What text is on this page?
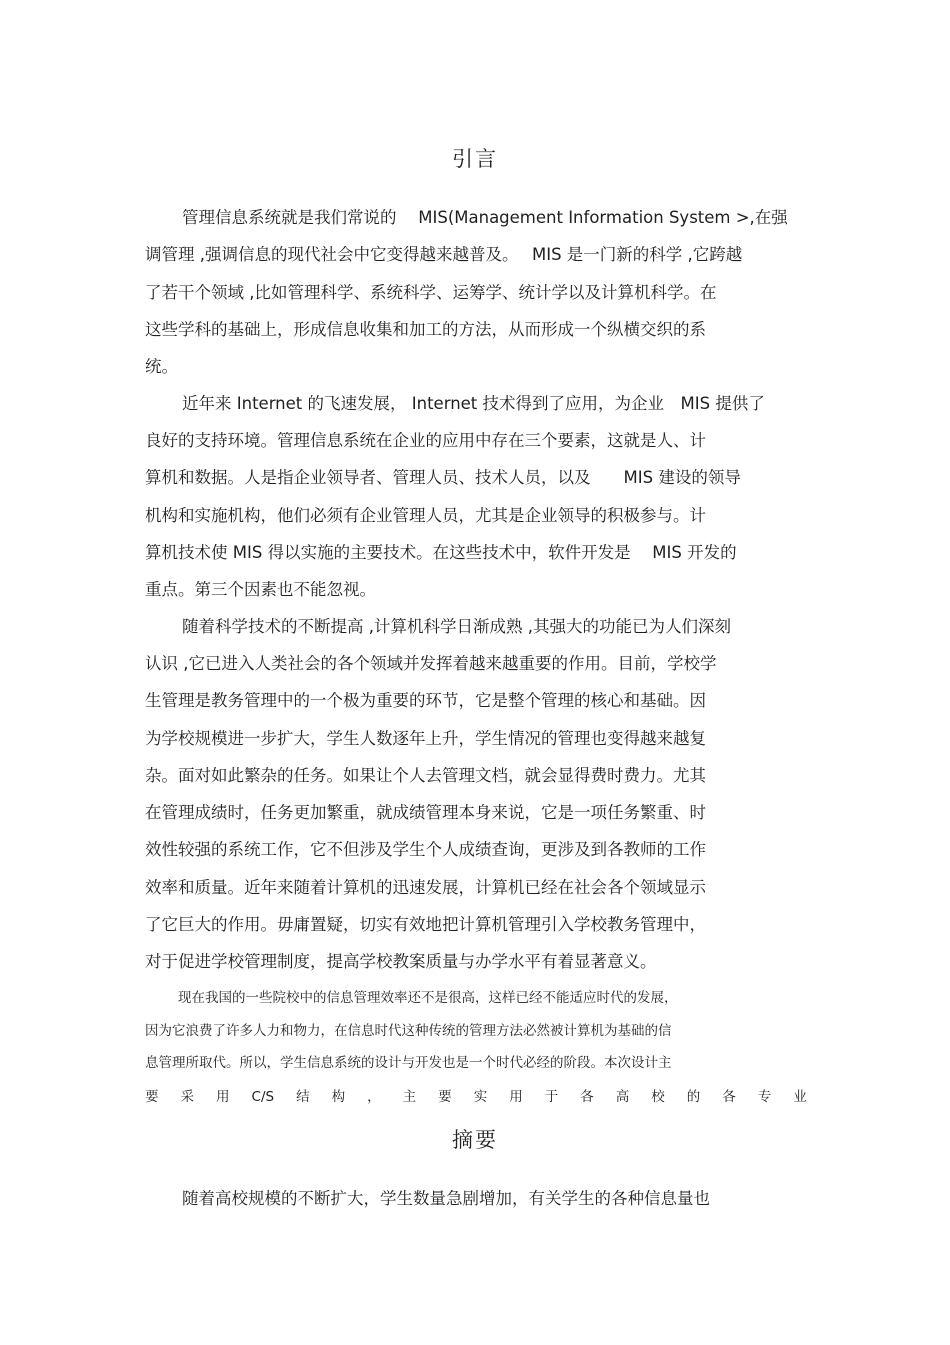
引言
管理信息系统就是我们常说的　 MIS(Management Information System >,在强
调管理 ,强调信息的现代社会中它变得越来越普及。　 MIS 是一门新的科学 ,它跨越
了若干个领域 ,比如管理科学、系统科学、运筹学、统计学以及计算机科学。在
这些学科的基础上，形成信息收集和加工的方法，从而形成一个纵横交织的系
统。
近年来 Internet 的飞速发展， Internet 技术得到了应用，为企业　MIS 提供了
良好的支持环境。管理信息系统在企业的应用中存在三个要素，这就是人、计
算机和数据。人是指企业领导者、管理人员、技术人员，以及　　MIS 建设的领导
机构和实施机构，他们必须有企业管理人员，尤其是企业领导的积极参与。计
算机技术使 MIS 得以实施的主要技术。在这些技术中，软件开发是　 MIS 开发的
重点。第三个因素也不能忽视。
随着科学技术的不断提高 ,计算机科学日渐成熟 ,其强大的功能已为人们深刻
认识 ,它已进入人类社会的各个领域并发挥着越来越重要的作用。目前，学校学
生管理是教务管理中的一个极为重要的环节，它是整个管理的核心和基础。因
为学校规模进一步扩大，学生人数逐年上升，学生情况的管理也变得越来越复
杂。面对如此繁杂的任务。如果让个人去管理文档，就会显得费时费力。尤其
在管理成绩时，任务更加繁重，就成绩管理本身来说，它是一项任务繁重、时
效性较强的系统工作，它不但涉及学生个人成绩查询，更涉及到各教师的工作
效率和质量。近年来随着计算机的迅速发展，计算机已经在社会各个领域显示
了它巨大的作用。毋庸置疑，切实有效地把计算机管理引入学校教务管理中，
对于促进学校管理制度，提高学校教案质量与办学水平有着显著意义。
现在我国的一些院校中的信息管理效率还不是很高，这样已经不能适应时代的发展，
因为它浪费了许多人力和物力，在信息时代这种传统的管理方法必然被计算机为基础的信
息管理所取代。所以，学生信息系统的设计与开发也是一个时代必经的阶段。本次设计主
要 采 用 C/S 结 构 ， 主 要 实 用 于 各 高 校 的 各 专 业
摘要
随着高校规模的不断扩大，学生数量急剧增加，有关学生的各种信息量也
